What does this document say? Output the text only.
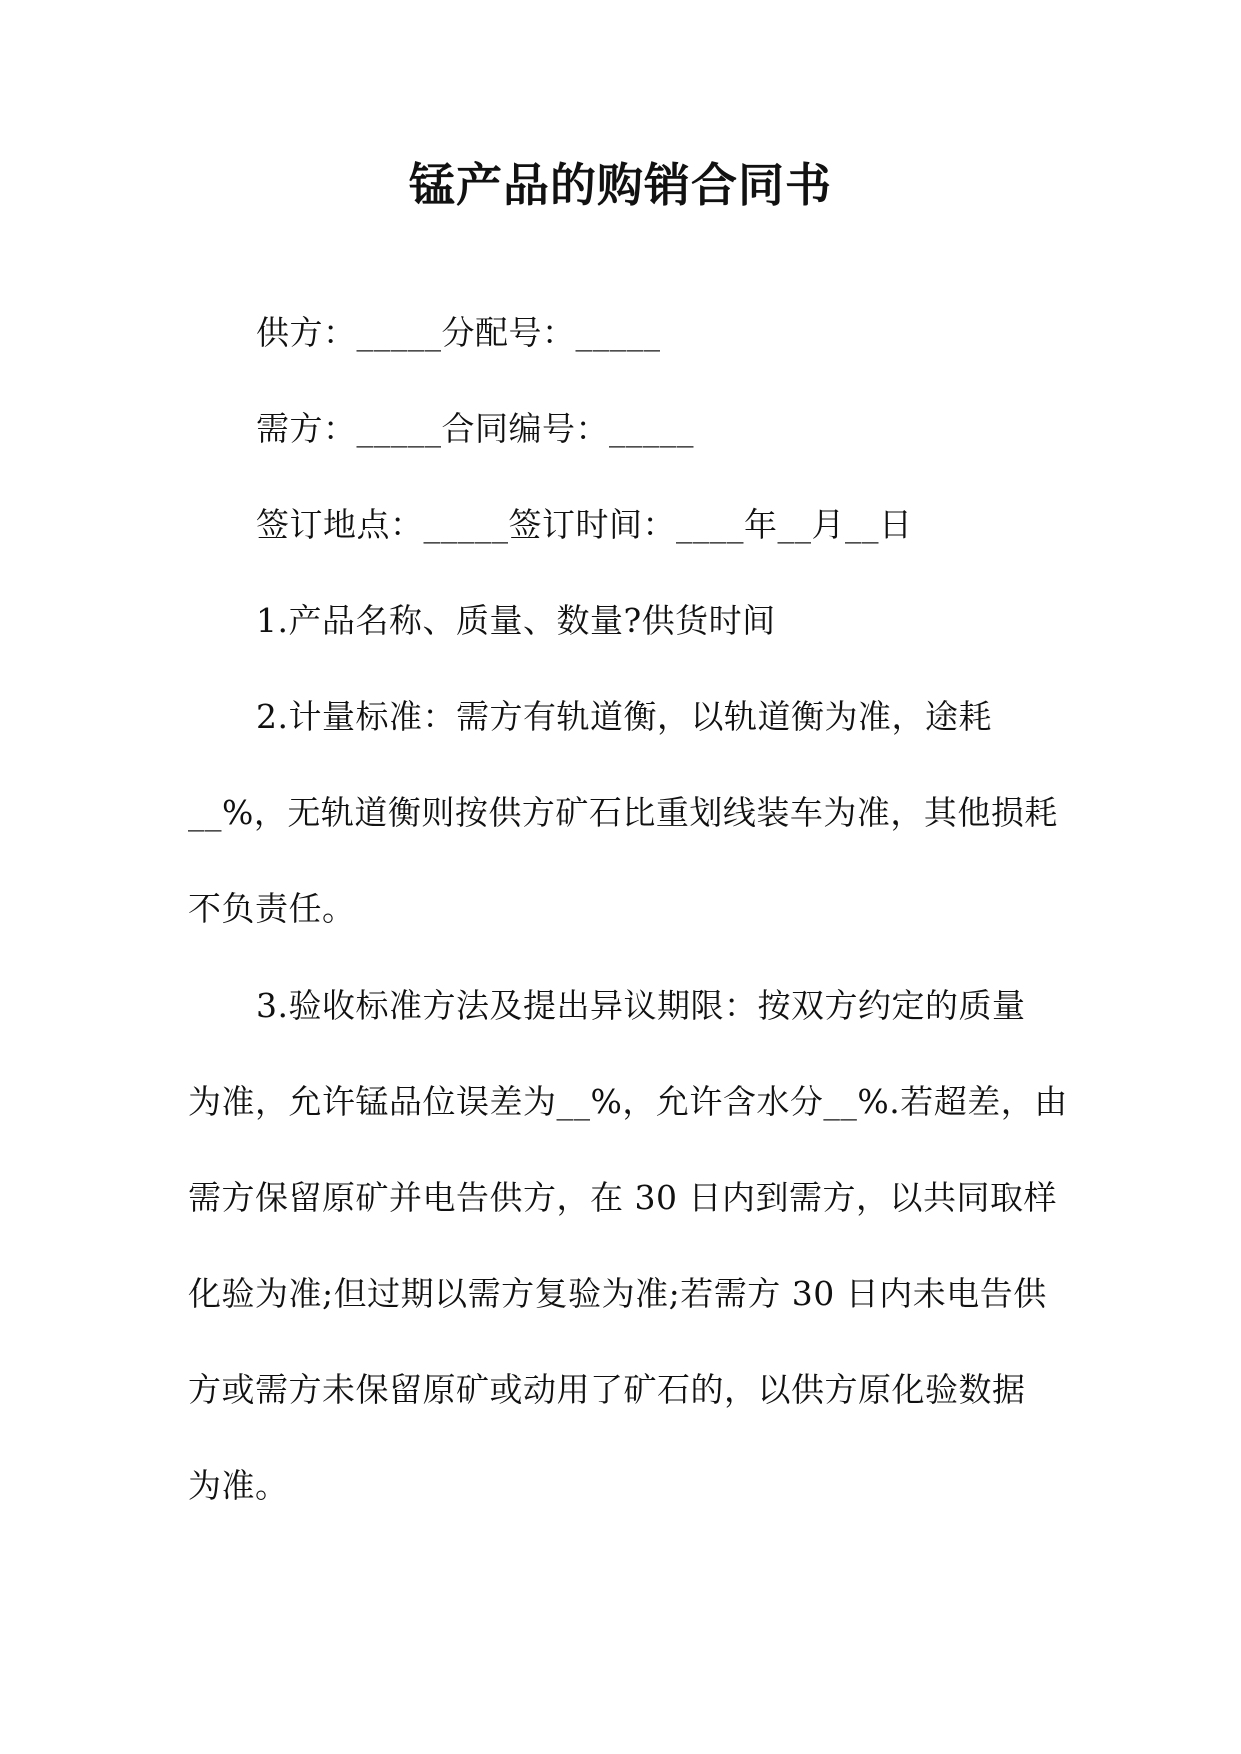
锰产品的购销合同书

供方：_____分配号：_____

需方：_____合同编号：_____

签订地点：_____签订时间：____年__月__日

1.产品名称、质量、数量?供货时间

2.计量标准：需方有轨道衡，以轨道衡为准，途耗

__%，无轨道衡则按供方矿石比重划线装车为准，其他损耗

不负责任。

3.验收标准方法及提出异议期限：按双方约定的质量

为准，允许锰品位误差为__%，允许含水分__%.若超差，由

需方保留原矿并电告供方，在 30 日内到需方，以共同取样

化验为准;但过期以需方复验为准;若需方 30 日内未电告供

方或需方未保留原矿或动用了矿石的，以供方原化验数据

为准。
